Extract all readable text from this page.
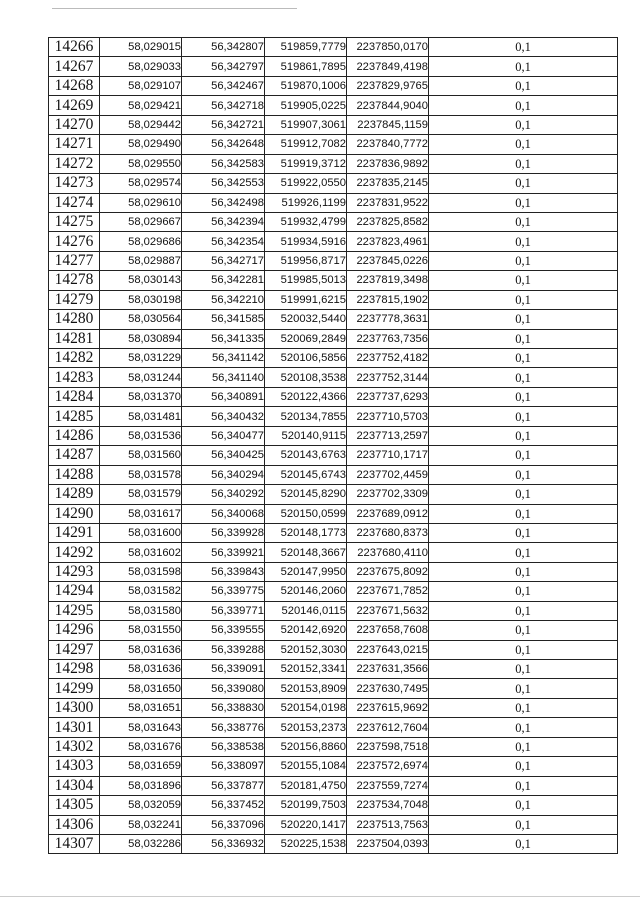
14266	58,029015	56,342807	519859,7779	2237850,0170	0,1
14267	58,029033	56,342797	519861,7895	2237849,4198	0,1
14268	58,029107	56,342467	519870,1006	2237829,9765	0,1
14269	58,029421	56,342718	519905,0225	2237844,9040	0,1
14270	58,029442	56,342721	519907,3061	2237845,1159	0,1
14271	58,029490	56,342648	519912,7082	2237840,7772	0,1
14272	58,029550	56,342583	519919,3712	2237836,9892	0,1
14273	58,029574	56,342553	519922,0550	2237835,2145	0,1
14274	58,029610	56,342498	519926,1199	2237831,9522	0,1
14275	58,029667	56,342394	519932,4799	2237825,8582	0,1
14276	58,029686	56,342354	519934,5916	2237823,4961	0,1
14277	58,029887	56,342717	519956,8717	2237845,0226	0,1
14278	58,030143	56,342281	519985,5013	2237819,3498	0,1
14279	58,030198	56,342210	519991,6215	2237815,1902	0,1
14280	58,030564	56,341585	520032,5440	2237778,3631	0,1
14281	58,030894	56,341335	520069,2849	2237763,7356	0,1
14282	58,031229	56,341142	520106,5856	2237752,4182	0,1
14283	58,031244	56,341140	520108,3538	2237752,3144	0,1
14284	58,031370	56,340891	520122,4366	2237737,6293	0,1
14285	58,031481	56,340432	520134,7855	2237710,5703	0,1
14286	58,031536	56,340477	520140,9115	2237713,2597	0,1
14287	58,031560	56,340425	520143,6763	2237710,1717	0,1
14288	58,031578	56,340294	520145,6743	2237702,4459	0,1
14289	58,031579	56,340292	520145,8290	2237702,3309	0,1
14290	58,031617	56,340068	520150,0599	2237689,0912	0,1
14291	58,031600	56,339928	520148,1773	2237680,8373	0,1
14292	58,031602	56,339921	520148,3667	2237680,4110	0,1
14293	58,031598	56,339843	520147,9950	2237675,8092	0,1
14294	58,031582	56,339775	520146,2060	2237671,7852	0,1
14295	58,031580	56,339771	520146,0115	2237671,5632	0,1
14296	58,031550	56,339555	520142,6920	2237658,7608	0,1
14297	58,031636	56,339288	520152,3030	2237643,0215	0,1
14298	58,031636	56,339091	520152,3341	2237631,3566	0,1
14299	58,031650	56,339080	520153,8909	2237630,7495	0,1
14300	58,031651	56,338830	520154,0198	2237615,9692	0,1
14301	58,031643	56,338776	520153,2373	2237612,7604	0,1
14302	58,031676	56,338538	520156,8860	2237598,7518	0,1
14303	58,031659	56,338097	520155,1084	2237572,6974	0,1
14304	58,031896	56,337877	520181,4750	2237559,7274	0,1
14305	58,032059	56,337452	520199,7503	2237534,7048	0,1
14306	58,032241	56,337096	520220,1417	2237513,7563	0,1
14307	58,032286	56,336932	520225,1538	2237504,0393	0,1
